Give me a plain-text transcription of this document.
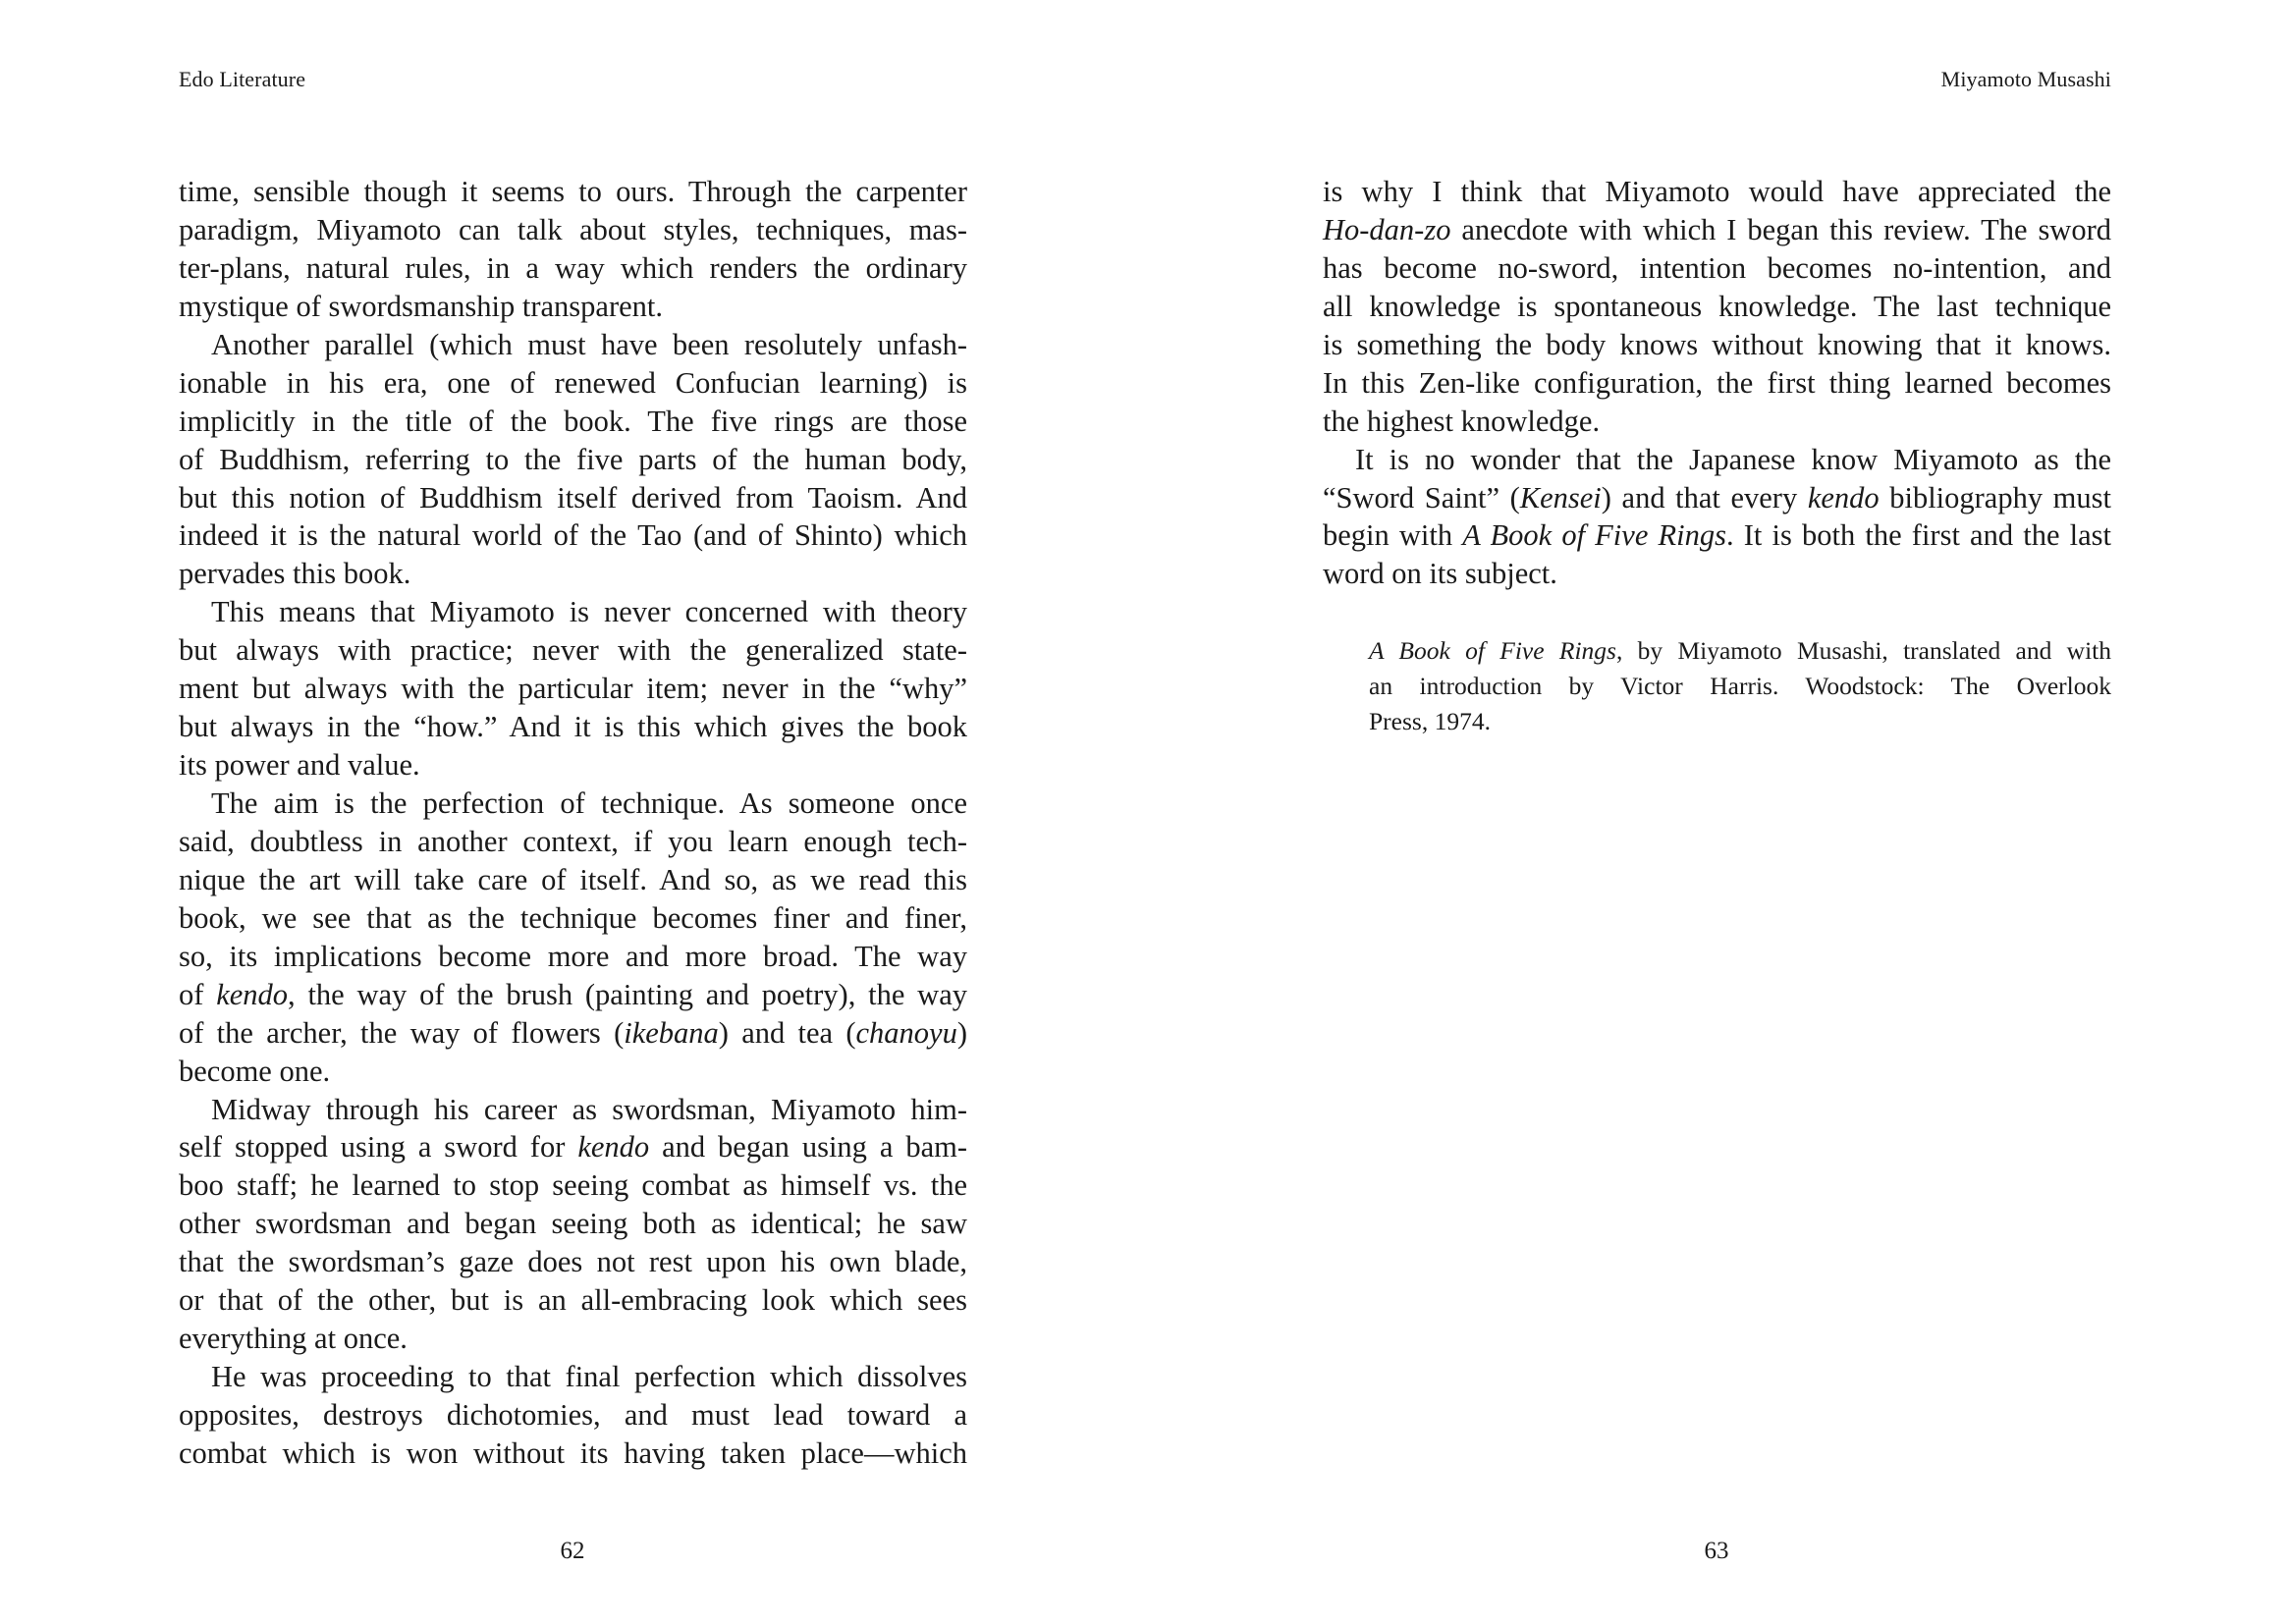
Edo Literature
time, sensible though it seems to ours. Through the carpenter
paradigm, Miyamoto can talk about styles, techniques, mas-
ter-plans, natural rules, in a way which renders the ordinary
mystique of swordsmanship transparent.
Another parallel (which must have been resolutely unfash-
ionable in his era, one of renewed Confucian learning) is
implicitly in the title of the book. The five rings are those
of Buddhism, referring to the five parts of the human body,
but this notion of Buddhism itself derived from Taoism. And
indeed it is the natural world of the Tao (and of Shinto) which
pervades this book.
This means that Miyamoto is never concerned with theory
but always with practice; never with the generalized state-
ment but always with the particular item; never in the “why”
but always in the “how.” And it is this which gives the book
its power and value.
The aim is the perfection of technique. As someone once
said, doubtless in another context, if you learn enough tech-
nique the art will take care of itself. And so, as we read this
book, we see that as the technique becomes finer and finer,
so, its implications become more and more broad. The way
of kendo, the way of the brush (painting and poetry), the way
of the archer, the way of flowers (ikebana) and tea (chanoyu)
become one.
Midway through his career as swordsman, Miyamoto him-
self stopped using a sword for kendo and began using a bam-
boo staff; he learned to stop seeing combat as himself vs. the
other swordsman and began seeing both as identical; he saw
that the swordsman’s gaze does not rest upon his own blade,
or that of the other, but is an all-embracing look which sees
everything at once.
He was proceeding to that final perfection which dissolves
opposites, destroys dichotomies, and must lead toward a
combat which is won without its having taken place—which
62
Miyamoto Musashi
is why I think that Miyamoto would have appreciated the
Ho-dan-zo anecdote with which I began this review. The sword
has become no-sword, intention becomes no-intention, and
all knowledge is spontaneous knowledge. The last technique
is something the body knows without knowing that it knows.
In this Zen-like configuration, the first thing learned becomes
the highest knowledge.
It is no wonder that the Japanese know Miyamoto as the
“Sword Saint” (Kensei) and that every kendo bibliography must
begin with A Book of Five Rings. It is both the first and the last
word on its subject.
A Book of Five Rings, by Miyamoto Musashi, translated and with
an introduction by Victor Harris. Woodstock: The Overlook
Press, 1974.
63
